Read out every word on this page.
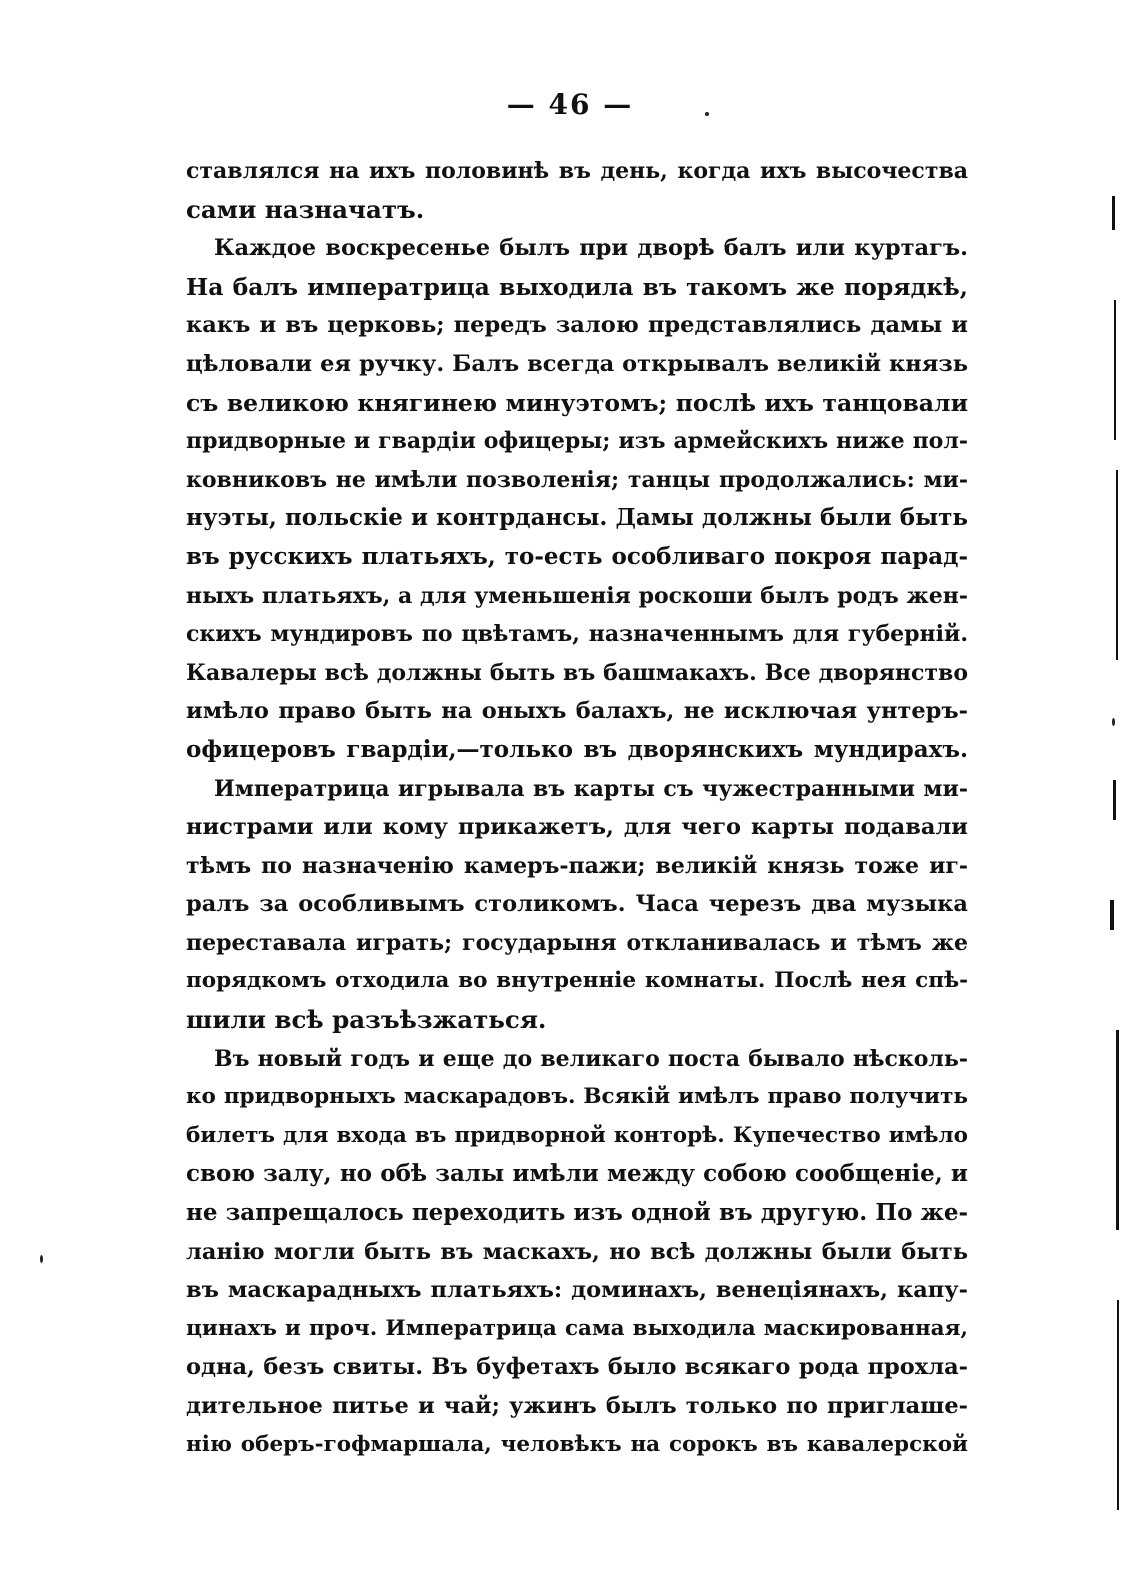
— 46 —
ставлялся на ихъ половинѣ въ день, когда ихъ высочества
сами назначатъ.
Каждое воскресенье былъ при дворѣ балъ или куртагъ.
На балъ императрица выходила въ такомъ же порядкѣ,
какъ и въ церковь; передъ залою представлялись дамы и
цѣловали ея ручку. Балъ всегда открывалъ великій князь
съ великою княгинею минуэтомъ; послѣ ихъ танцовали
придворные и гвардіи офицеры; изъ армейскихъ ниже пол-
ковниковъ не имѣли позволенія; танцы продолжались: ми-
нуэты, польскіе и контрдансы. Дамы должны были быть
въ русскихъ платьяхъ, то-есть особливаго покроя парад-
ныхъ платьяхъ, а для уменьшенія роскоши былъ родъ жен-
скихъ мундировъ по цвѣтамъ, назначеннымъ для губерній.
Кавалеры всѣ должны быть въ башмакахъ. Все дворянство
имѣло право быть на оныхъ балахъ, не исключая унтеръ-
офицеровъ гвардіи,—только въ дворянскихъ мундирахъ.
Императрица игрывала въ карты съ чужестранными ми-
нистрами или кому прикажетъ, для чего карты подавали
тѣмъ по назначенію камеръ-пажи; великій князь тоже иг-
ралъ за особливымъ столикомъ. Часа черезъ два музыка
переставала играть; государыня откланивалась и тѣмъ же
порядкомъ отходила во внутренніе комнаты. Послѣ нея спѣ-
шили всѣ разъѣзжаться.
Въ новый годъ и еще до великаго поста бывало нѣсколь-
ко придворныхъ маскарадовъ. Всякій имѣлъ право получить
билетъ для входа въ придворной конторѣ. Купечество имѣло
свою залу, но обѣ залы имѣли между собою сообщеніе, и
не запрещалось переходить изъ одной въ другую. По же-
ланію могли быть въ маскахъ, но всѣ должны были быть
въ маскарадныхъ платьяхъ: доминахъ, венеціянахъ, капу-
цинахъ и проч. Императрица сама выходила маскированная,
одна, безъ свиты. Въ буфетахъ было всякаго рода прохла-
дительное питье и чай; ужинъ былъ только по приглаше-
нію оберъ-гофмаршала, человѣкъ на сорокъ въ кавалерской
